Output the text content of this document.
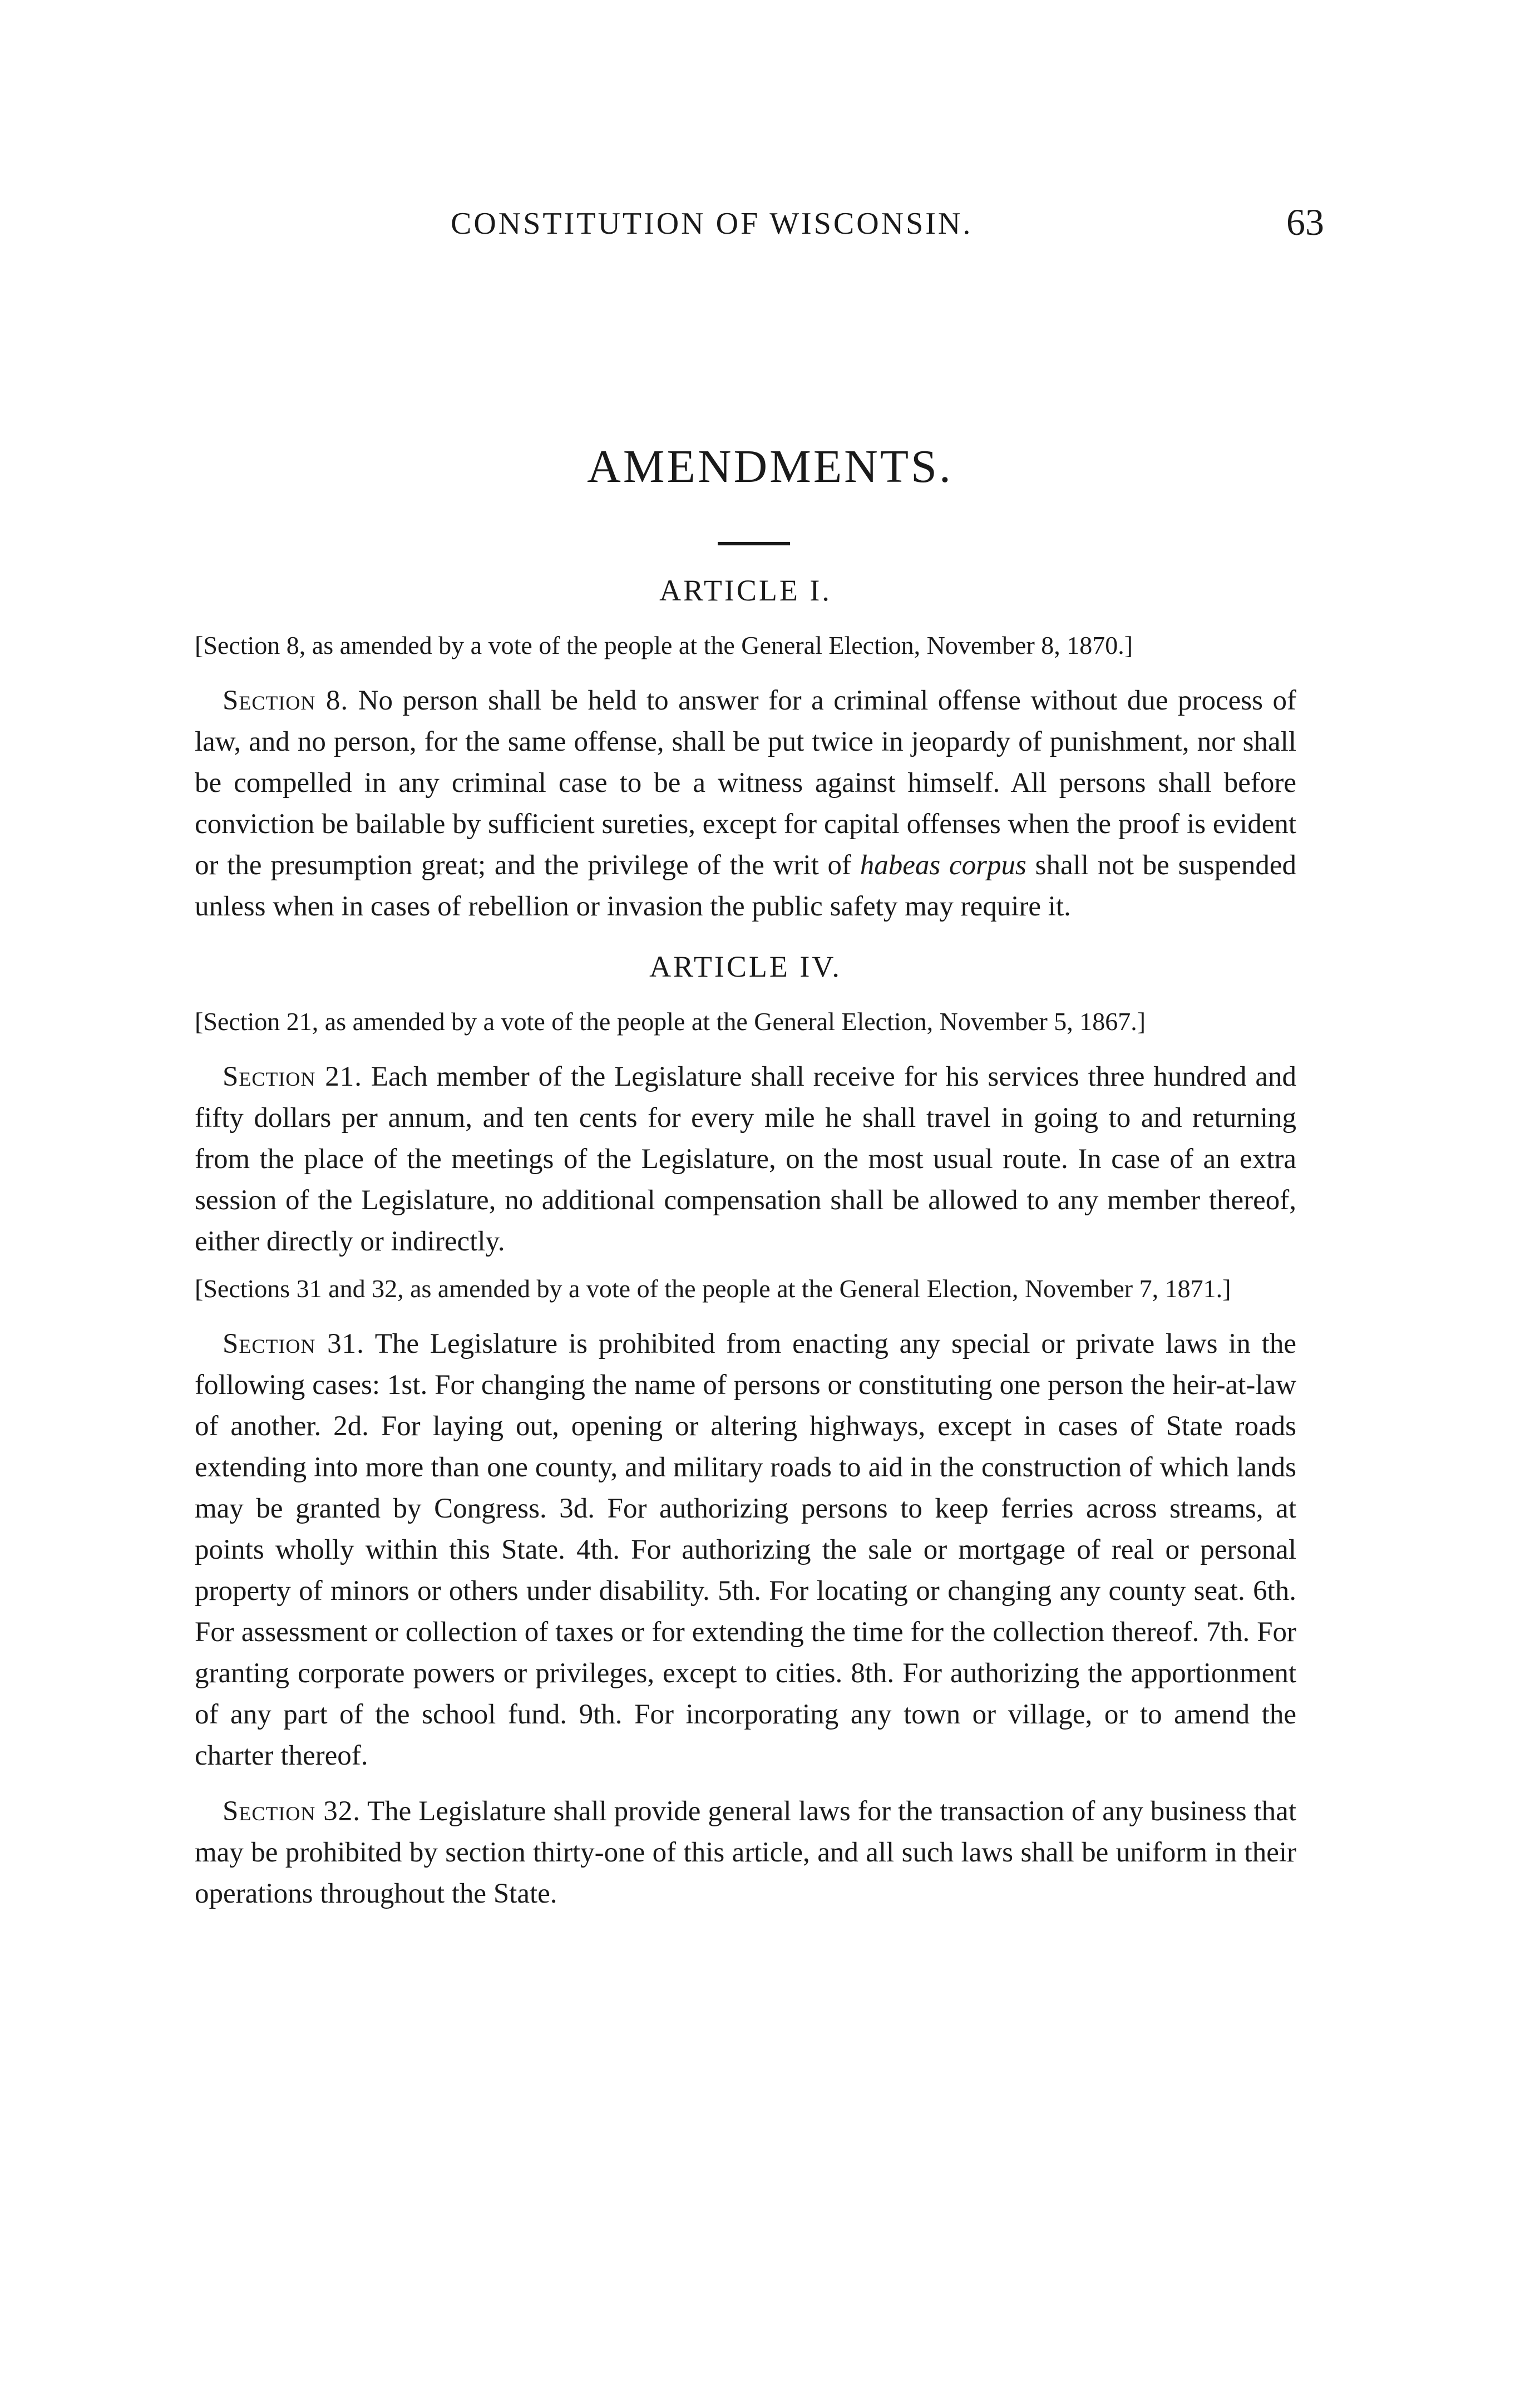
CONSTITUTION OF WISCONSIN.	63
AMENDMENTS.
ARTICLE I.

[Section 8, as amended by a vote of the people at the General Election, November 8, 1870.]

Section 8. No person shall be held to answer for a criminal offense without due process of law, and no person, for the same offense, shall be put twice in jeopardy of punishment, nor shall be compelled in any criminal case to be a witness against himself. All persons shall before conviction be bailable by sufficient sureties, except for capital offenses when the proof is evident or the presumption great; and the privilege of the writ of habeas corpus shall not be suspended unless when in cases of rebellion or invasion the public safety may require it.

ARTICLE IV.

[Section 21, as amended by a vote of the people at the General Election, November 5, 1867.]

Section 21. Each member of the Legislature shall receive for his services three hundred and fifty dollars per annum, and ten cents for every mile he shall travel in going to and returning from the place of the meetings of the Legislature, on the most usual route. In case of an extra session of the Legislature, no additional compensation shall be allowed to any member thereof, either directly or indirectly.

[Sections 31 and 32, as amended by a vote of the people at the General Election, November 7, 1871.]

Section 31. The Legislature is prohibited from enacting any special or private laws in the following cases: 1st. For changing the name of persons or constituting one person the heir-at-law of another. 2d. For laying out, opening or altering highways, except in cases of State roads extending into more than one county, and military roads to aid in the construction of which lands may be granted by Congress. 3d. For authorizing persons to keep ferries across streams, at points wholly within this State. 4th. For authorizing the sale or mortgage of real or personal property of minors or others under disability. 5th. For locating or changing any county seat. 6th. For assessment or collection of taxes or for extending the time for the collection thereof. 7th. For granting corporate powers or privileges, except to cities. 8th. For authorizing the apportionment of any part of the school fund. 9th. For incorporating any town or village, or to amend the charter thereof.

Section 32. The Legislature shall provide general laws for the transaction of any business that may be prohibited by section thirty-one of this article, and all such laws shall be uniform in their operations throughout the State.
